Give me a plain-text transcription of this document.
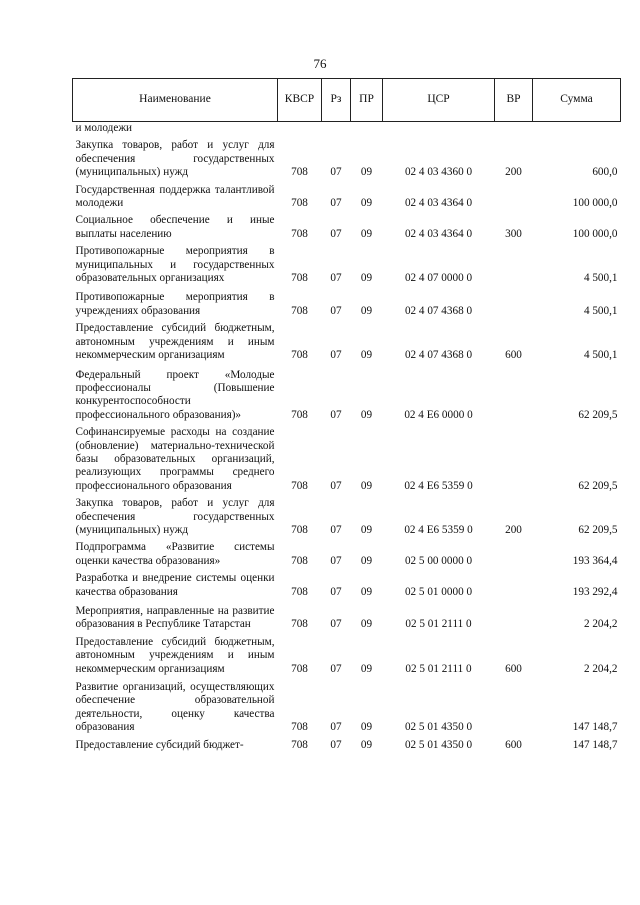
76
Наименование	КВСР	Рз	ПР	ЦСР	ВР	Сумма
и молодежи						
Закупка товаров, работ и услуг для обеспечения государственных (муниципальных) нужд	708	07	09	02 4 03 4360 0	200	600,0
Государственная поддержка талантливой молодежи	708	07	09	02 4 03 4364 0		100 000,0
Социальное обеспечение и иные выплаты населению	708	07	09	02 4 03 4364 0	300	100 000,0
Противопожарные мероприятия в муниципальных и государственных образовательных организациях	708	07	09	02 4 07 0000 0		4 500,1
Противопожарные мероприятия в учреждениях образования	708	07	09	02 4 07 4368 0		4 500,1
Предоставление субсидий бюджетным, автономным учреждениям и иным некоммерческим организациям	708	07	09	02 4 07 4368 0	600	4 500,1
Федеральный проект «Молодые профессионалы (Повышение конкурентоспособности профессионального образования)»	708	07	09	02 4 E6 0000 0		62 209,5
Софинансируемые расходы на создание (обновление) материально-технической базы образовательных организаций, реализующих программы среднего профессионального образования	708	07	09	02 4 E6 5359 0		62 209,5
Закупка товаров, работ и услуг для обеспечения государственных (муниципальных) нужд	708	07	09	02 4 E6 5359 0	200	62 209,5
Подпрограмма «Развитие системы оценки качества образования»	708	07	09	02 5 00 0000 0		193 364,4
Разработка и внедрение системы оценки качества образования	708	07	09	02 5 01 0000 0		193 292,4
Мероприятия, направленные на развитие образования в Республике Татарстан	708	07	09	02 5 01 2111 0		2 204,2
Предоставление субсидий бюджетным, автономным учреждениям и иным некоммерческим организациям	708	07	09	02 5 01 2111 0	600	2 204,2
Развитие организаций, осуществляющих обеспечение образовательной деятельности, оценку качества образования	708	07	09	02 5 01 4350 0		147 148,7
Предоставление субсидий бюджет-	708	07	09	02 5 01 4350 0	600	147 148,7
